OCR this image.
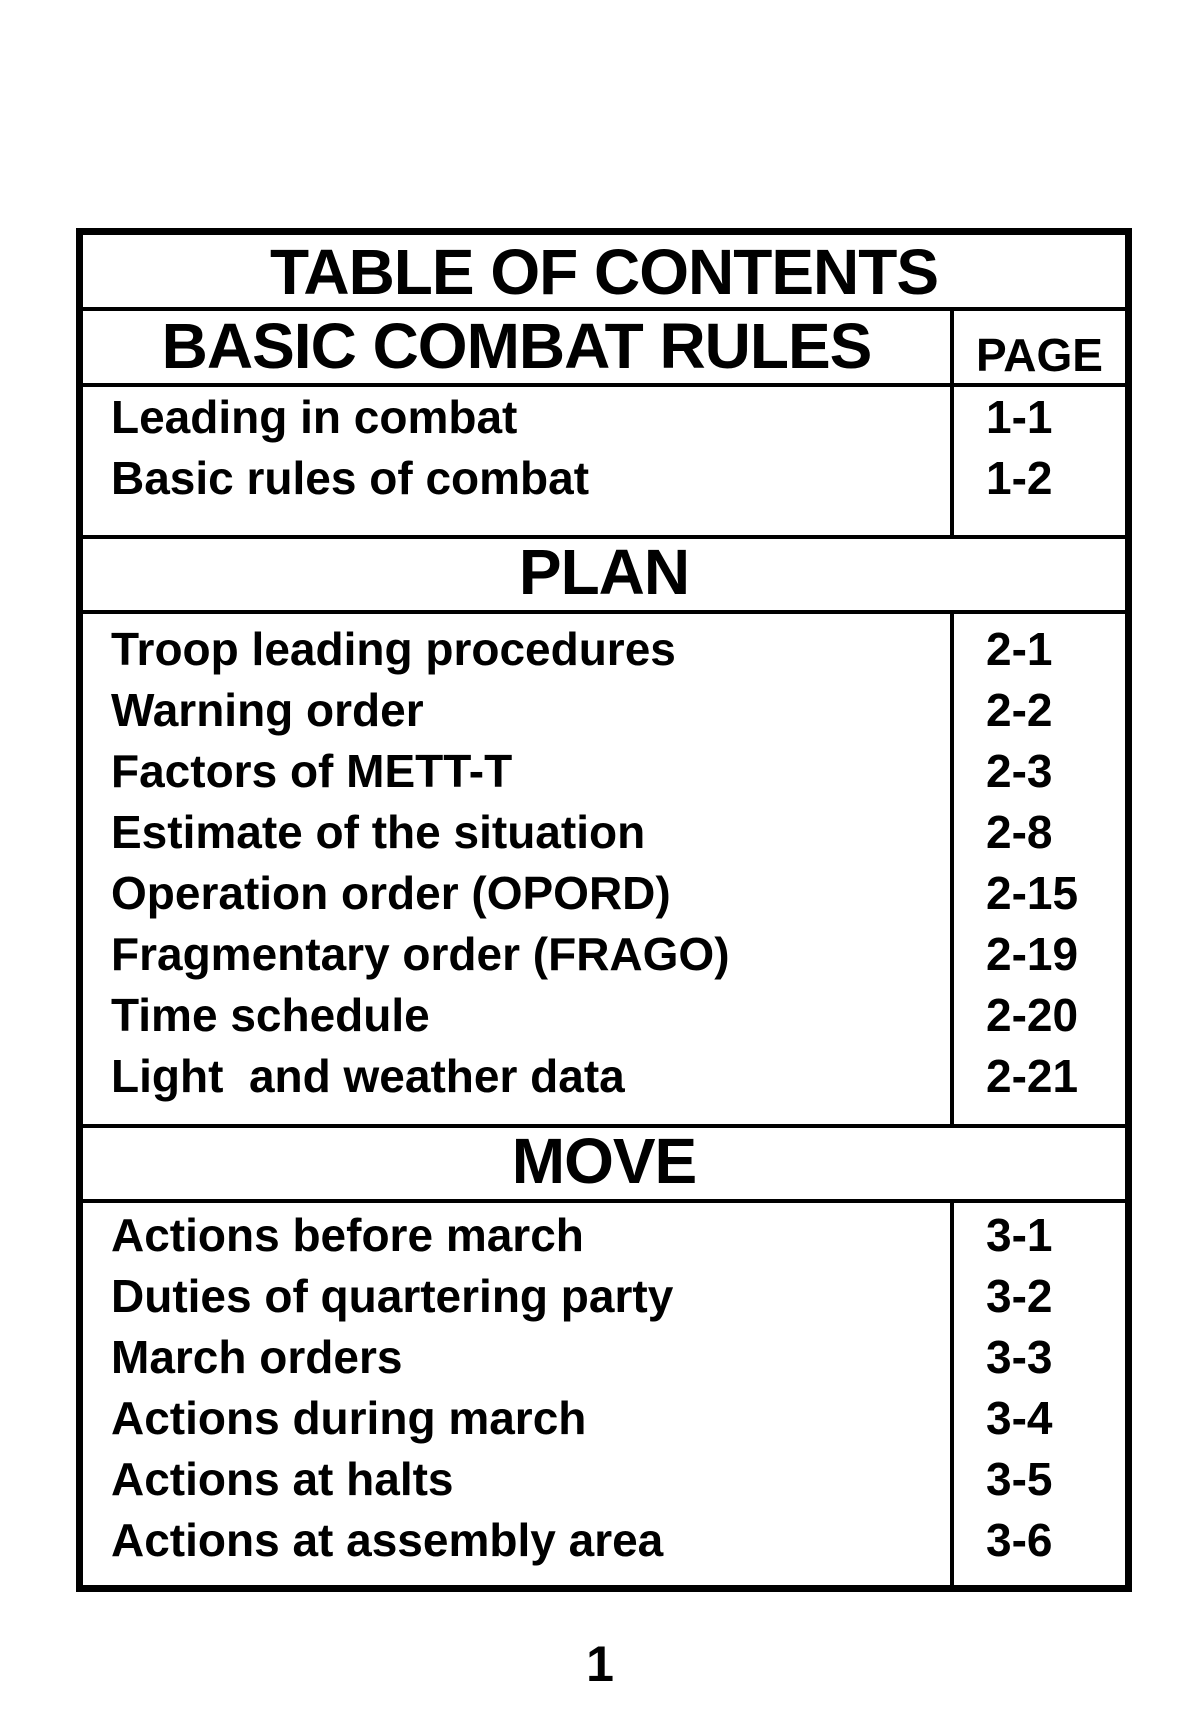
TABLE OF CONTENTS
BASIC COMBAT RULES	PAGE
Leading in combat	1-1
Basic rules of combat	1-2
PLAN
Troop leading procedures	2-1
Warning order	2-2
Factors of METT-T	2-3
Estimate of the situation	2-8
Operation order (OPORD)	2-15
Fragmentary order (FRAGO)	2-19
Time schedule	2-20
Light  and weather data	2-21
MOVE
Actions before march	3-1
Duties of quartering party	3-2
March orders	3-3
Actions during march	3-4
Actions at halts	3-5
Actions at assembly area	3-6
1
